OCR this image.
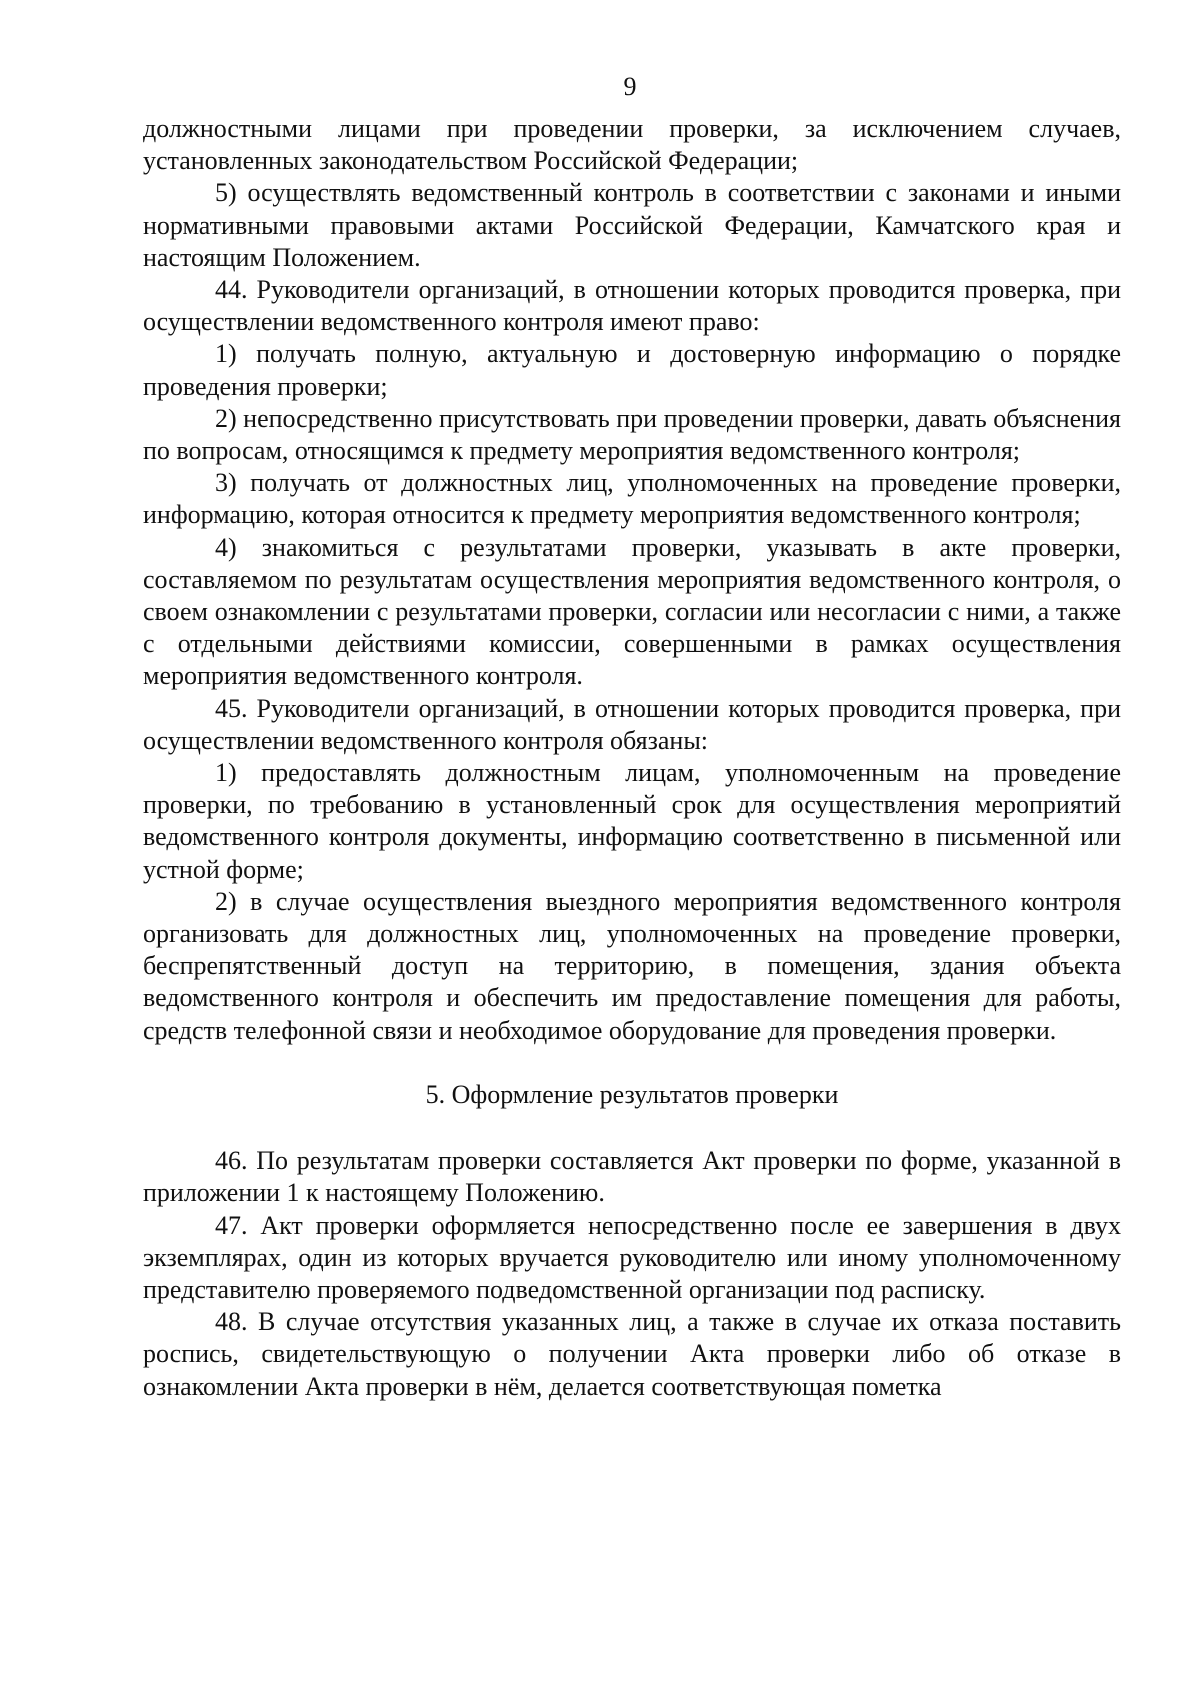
9

должностными лицами при проведении проверки, за исключением случаев, установленных законодательством Российской Федерации;

5) осуществлять ведомственный контроль в соответствии с законами и иными нормативными правовыми актами Российской Федерации, Камчатского края и настоящим Положением.

44. Руководители организаций, в отношении которых проводится проверка, при осуществлении ведомственного контроля имеют право:

1) получать полную, актуальную и достоверную информацию о порядке проведения проверки;

2) непосредственно присутствовать при проведении проверки, давать объяснения по вопросам, относящимся к предмету мероприятия ведомственного контроля;

3) получать от должностных лиц, уполномоченных на проведение проверки, информацию, которая относится к предмету мероприятия ведомственного контроля;

4) знакомиться с результатами проверки, указывать в акте проверки, составляемом по результатам осуществления мероприятия ведомственного контроля, о своем ознакомлении с результатами проверки, согласии или несогласии с ними, а также с отдельными действиями комиссии, совершенными в рамках осуществления мероприятия ведомственного контроля.

45. Руководители организаций, в отношении которых проводится проверка, при осуществлении ведомственного контроля обязаны:

1) предоставлять должностным лицам, уполномоченным на проведение проверки, по требованию в установленный срок для осуществления мероприятий ведомственного контроля документы, информацию соответственно в письменной или устной форме;

2) в случае осуществления выездного мероприятия ведомственного контроля организовать для должностных лиц, уполномоченных на проведение проверки, беспрепятственный доступ на территорию, в помещения, здания объекта ведомственного контроля и обеспечить им предоставление помещения для работы, средств телефонной связи и необходимое оборудование для проведения проверки.

5. Оформление результатов проверки

46. По результатам проверки составляется Акт проверки по форме, указанной в приложении 1 к настоящему Положению.

47. Акт проверки оформляется непосредственно после ее завершения в двух экземплярах, один из которых вручается руководителю или иному уполномоченному представителю проверяемого подведомственной организации под расписку.

48. В случае отсутствия указанных лиц, а также в случае их отказа поставить роспись, свидетельствующую о получении Акта проверки либо об отказе в ознакомлении Акта проверки в нём, делается соответствующая пометка
